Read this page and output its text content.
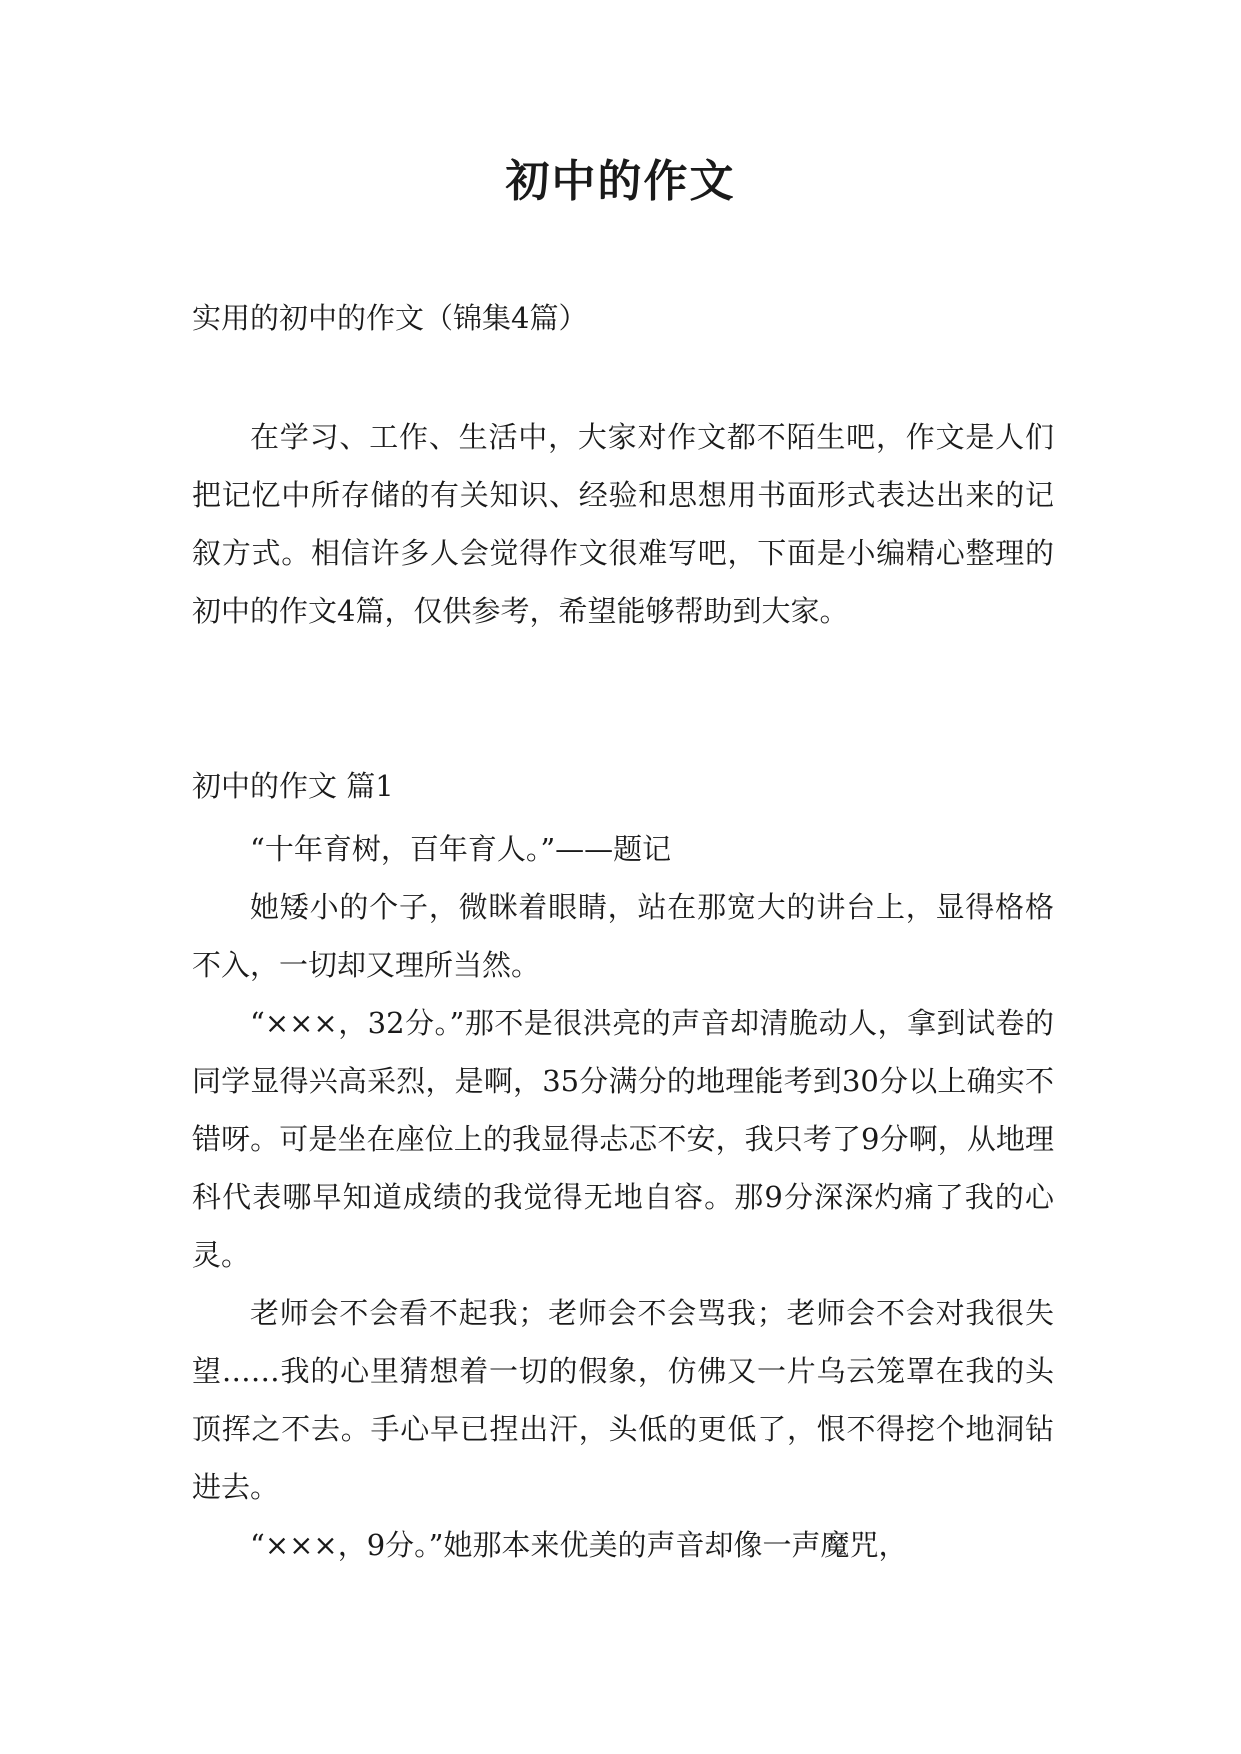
初中的作文

实用的初中的作文（锦集4篇）

在学习、工作、生活中，大家对作文都不陌生吧，作文是人们把记忆中所存储的有关知识、经验和思想用书面形式表达出来的记叙方式。相信许多人会觉得作文很难写吧，下面是小编精心整理的初中的作文4篇，仅供参考，希望能够帮助到大家。

初中的作文 篇1

“十年育树，百年育人。”——题记

她矮小的个子，微眯着眼睛，站在那宽大的讲台上，显得格格不入，一切却又理所当然。

“×××，32分。”那不是很洪亮的声音却清脆动人，拿到试卷的同学显得兴高采烈，是啊，35分满分的地理能考到30分以上确实不错呀。可是坐在座位上的我显得忐忑不安，我只考了9分啊，从地理科代表哪早知道成绩的我觉得无地自容。那9分深深灼痛了我的心灵。

老师会不会看不起我；老师会不会骂我；老师会不会对我很失望……我的心里猜想着一切的假象，仿佛又一片乌云笼罩在我的头顶挥之不去。手心早已捏出汗，头低的更低了，恨不得挖个地洞钻进去。

“×××，9分。”她那本来优美的声音却像一声魔咒，
